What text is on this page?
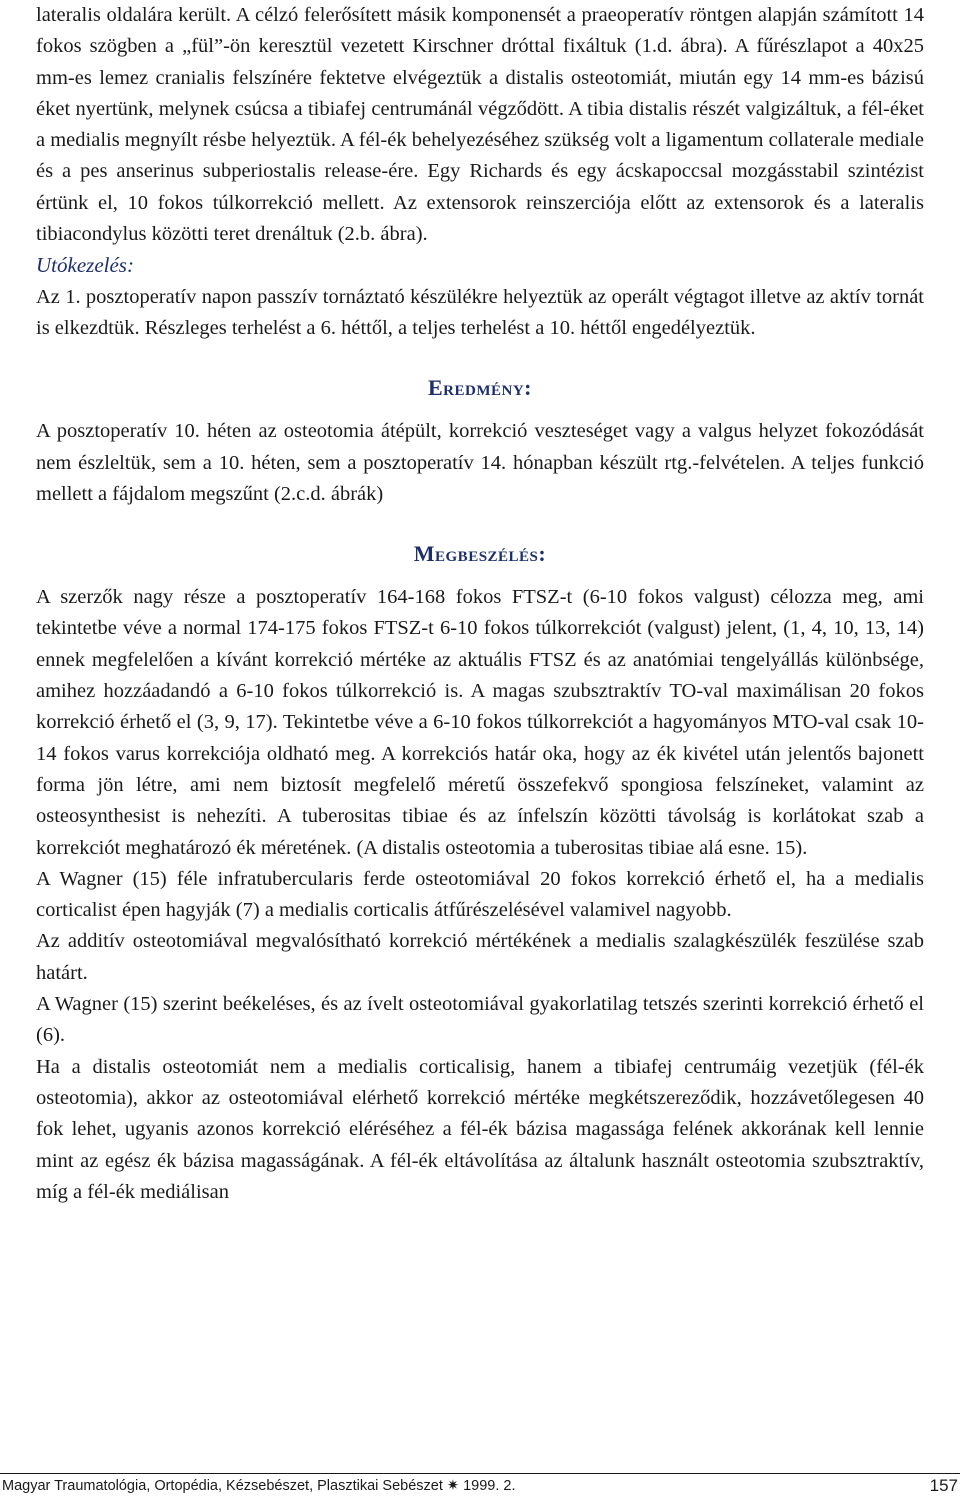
lateralis oldalára került. A célzó felerősített másik komponensét a praeoperatív röntgen alapján számított 14 fokos szögben a „fül”-ön keresztül vezetett Kirschner dróttal fixáltuk (1.d. ábra). A fűrészlapot a 40x25 mm-es lemez cranialis felszínére fektetve elvégeztük a distalis osteotomiát, miután egy 14 mm-es bázisú éket nyertünk, melynek csúcsa a tibiafej centrumánál végződött. A tibia distalis részét valgizáltuk, a fél-éket a medialis megnyílt résbe helyeztük. A fél-ék behelyezéséhez szükség volt a ligamentum collaterale mediale és a pes anserinus subperiostalis release-ére. Egy Richards és egy ácskapoccsal mozgásstabil szintézist értünk el, 10 fokos túlkorrekció mellett. Az extensorok reinszerciója előtt az extensorok és a lateralis tibiacondylus közötti teret drenáltuk (2.b. ábra).

Utókezelés:

Az 1. posztoperatív napon passzív tornáztató készülékre helyeztük az operált végtagot illetve az aktív tornát is elkezdtük. Részleges terhelést a 6. héttől, a teljes terhelést a 10. héttől engedélyeztük.

Eredmény:

A posztoperatív 10. héten az osteotomia átépült, korrekció veszteséget vagy a valgus helyzet fokozódását nem észleltük, sem a 10. héten, sem a posztoperatív 14. hónapban készült rtg.-felvételen. A teljes funkció mellett a fájdalom megszűnt (2.c.d. ábrák)

Megbeszélés:

A szerzők nagy része a posztoperatív 164-168 fokos FTSZ-t (6-10 fokos valgust) célozza meg, ami tekintetbe véve a normal 174-175 fokos FTSZ-t 6-10 fokos túlkorrekciót (valgust) jelent, (1, 4, 10, 13, 14) ennek megfelelően a kívánt korrekció mértéke az aktuális FTSZ és az anatómiai tengelyállás különbsége, amihez hozzáadandó a 6-10 fokos túlkorrekció is. A magas szubsztraktív TO-val maximálisan 20 fokos korrekció érhető el (3, 9, 17). Tekintetbe véve a 6-10 fokos túlkorrekciót a hagyományos MTO-val csak 10-14 fokos varus korrekciója oldható meg. A korrekciós határ oka, hogy az ék kivétel után jelentős bajonett forma jön létre, ami nem biztosít megfelelő méretű összefekvő spongiosa felszíneket, valamint az osteosynthesist is nehezíti. A tuberositas tibiae és az ínfelszín közötti távolság is korlátokat szab a korrekciót meghatározó ék méretének. (A distalis osteotomia a tuberositas tibiae alá esne. 15).

A Wagner (15) féle infratubercularis ferde osteotomiával 20 fokos korrekció érhető el, ha a medialis corticalist épen hagyják (7) a medialis corticalis átfűrészelésével valamivel nagyobb.

Az additív osteotomiával megvalósítható korrekció mértékének a medialis szalagkészülék feszülése szab határt.

A Wagner (15) szerint beékeléses, és az ívelt osteotomiával gyakorlatilag tetszés szerinti korrekció érhető el (6).

Ha a distalis osteotomiát nem a medialis corticalisig, hanem a tibiafej centrumáig vezetjük (fél-ék osteotomia), akkor az osteotomiával elérhető korrekció mértéke megkétszereződik, hozzávetőlegesen 40 fok lehet, ugyanis azonos korrekció eléréséhez a fél-ék bázisa magassága felének akkorának kell lennie mint az egész ék bázisa magasságának. A fél-ék eltávolítása az általunk használt osteotomia szubsztraktív, míg a fél-ék mediálisan

Magyar Traumatológia, Ortopédia, Kézsebészet, Plasztikai Sebészet ✷ 1999. 2.	157
